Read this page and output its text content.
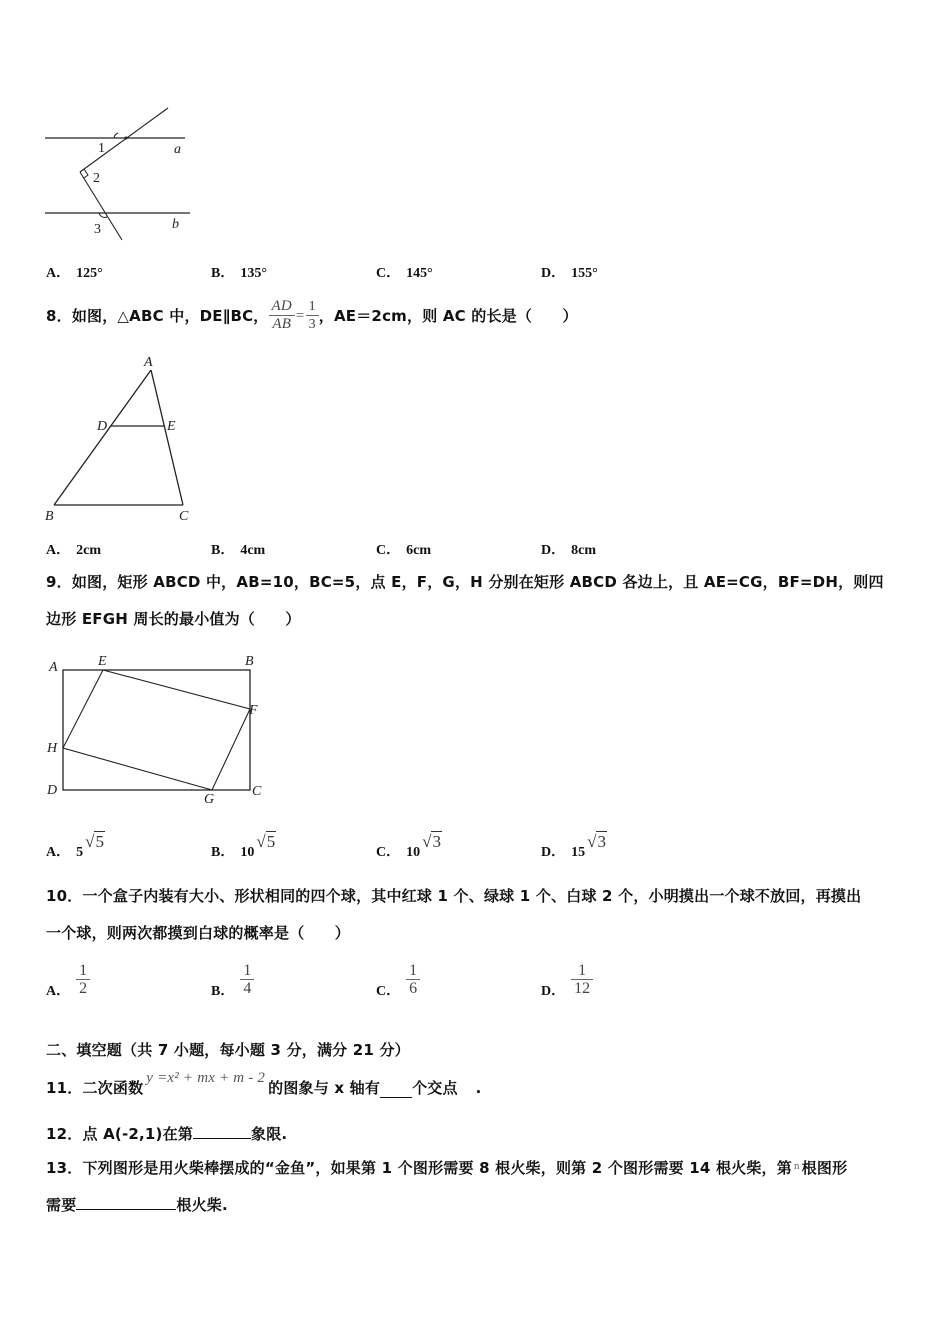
1
2
3
a
b
A． 125°	B． 135°	C． 145°	D． 155°
8．如图，△ABC 中，DE∥BC， $\frac{AD}{AB} = \frac{1}{3}$ ，AE＝2cm，则 AC 的长是（　　）
A
D	E
B	C
A． 2cm	B． 4cm	C． 6cm	D． 8cm
9．如图，矩形 ABCD 中，AB=10，BC=5，点 E，F，G，H 分别在矩形 ABCD 各边上，且 AE=CG，BF=DH，则四
边形 EFGH 周长的最小值为（　　）
A	E	B
F
H
D
G
C
A． 5√5
B． 10√5
C． 10√3
D． 15√3
10．一个盒子内装有大小、形状相同的四个球，其中红球 1 个、绿球 1 个、白球 2 个，小明摸出一个球不放回，再摸出
一个球，则两次都摸到白球的概率是（　　）
A． $\frac{1}{2}$	B． $\frac{1}{4}$	C． $\frac{1}{6}$	D． $\frac{1}{12}$
二、填空题（共 7 小题，每小题 3 分，满分 21 分）
11．二次函数
y =x² + mx + m - 2
的图象与 x 轴有 个交点 .
12．点 A(-2,1)在第	象限.
13．下列图形是用火柴棒摆成的“金鱼”，如果第 1 个图形需要 8 根火柴，则第 2 个图形需要 14 根火柴，第 $^n$ 根图形
需要	根火柴.
